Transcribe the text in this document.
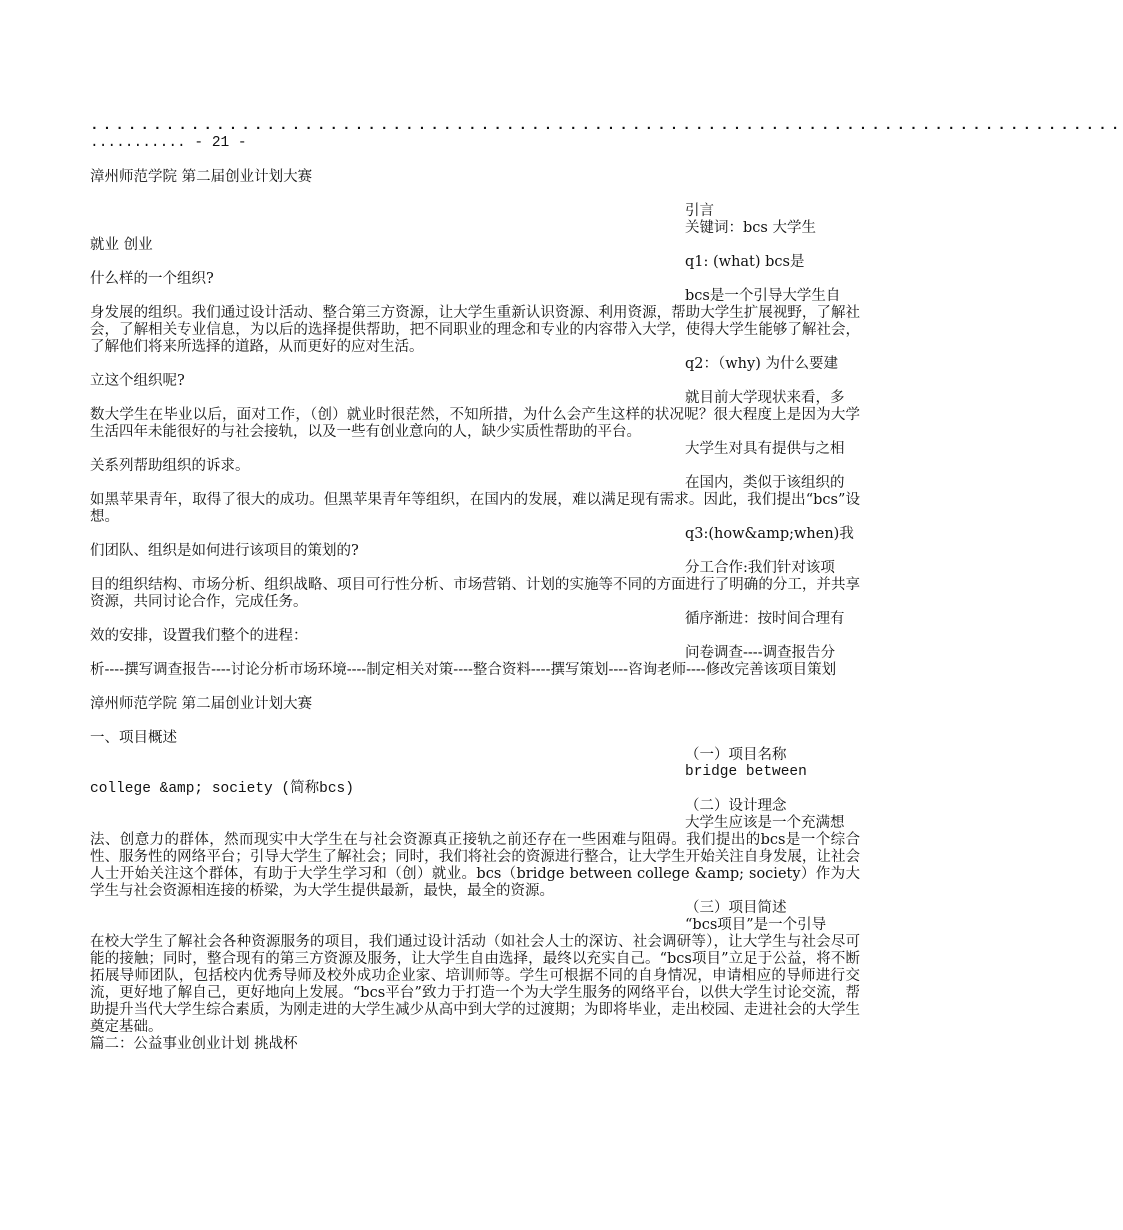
..................................................................................
........... - 21 -
漳州师范学院 第二届创业计划大赛
引言
关键词：bcs 大学生
就业 创业
q1: (what) bcs是
什么样的一个组织?
bcs是一个引导大学生自
身发展的组织。我们通过设计活动、整合第三方资源，让大学生重新认识资源、利用资源，帮助大学生扩展视野，了解社会，了解相关专业信息，为以后的选择提供帮助，把不同职业的理念和专业的内容带入大学，使得大学生能够了解社会，了解他们将来所选择的道路，从而更好的应对生活。
q2：（why) 为什么要建
立这个组织呢?
就目前大学现状来看，多
数大学生在毕业以后，面对工作，（创）就业时很茫然，不知所措，为什么会产生这样的状况呢？很大程度上是因为大学生活四年未能很好的与社会接轨，以及一些有创业意向的人，缺少实质性帮助的平台。
大学生对具有提供与之相
关系列帮助组织的诉求。
在国内，类似于该组织的
如黑苹果青年，取得了很大的成功。但黑苹果青年等组织，在国内的发展，难以满足现有需求。因此，我们提出“bcs”设想。
q3:(how&amp;when)我
们团队、组织是如何进行该项目的策划的?
分工合作:我们针对该项
目的组织结构、市场分析、组织战略、项目可行性分析、市场营销、计划的实施等不同的方面进行了明确的分工，并共享资源，共同讨论合作，完成任务。
循序渐进：按时间合理有
效的安排，设置我们整个的进程：
问卷调查----调查报告分
析----撰写调查报告----讨论分析市场环境----制定相关对策----整合资料----撰写策划----咨询老师----修改完善该项目策划
漳州师范学院 第二届创业计划大赛
一、项目概述
（一）项目名称
bridge between
college &amp; society (简称bcs)
（二）设计理念
大学生应该是一个充满想
法、创意力的群体，然而现实中大学生在与社会资源真正接轨之前还存在一些困难与阻碍。我们提出的bcs是一个综合性、服务性的网络平台；引导大学生了解社会；同时，我们将社会的资源进行整合，让大学生开始关注自身发展，让社会人士开始关注这个群体，有助于大学生学习和（创）就业。bcs（bridge between college &amp; society）作为大学生与社会资源相连接的桥梁，为大学生提供最新，最快，最全的资源。
（三）项目简述
“bcs项目”是一个引导
在校大学生了解社会各种资源服务的项目，我们通过设计活动（如社会人士的深访、社会调研等），让大学生与社会尽可能的接触；同时，整合现有的第三方资源及服务，让大学生自由选择，最终以充实自己。“bcs项目”立足于公益，将不断拓展导师团队，包括校内优秀导师及校外成功企业家、培训师等。学生可根据不同的自身情况，申请相应的导师进行交流，更好地了解自己，更好地向上发展。“bcs平台”致力于打造一个为大学生服务的网络平台，以供大学生讨论交流，帮助提升当代大学生综合素质，为刚走进的大学生减少从高中到大学的过渡期；为即将毕业，走出校园、走进社会的大学生奠定基础。
篇二：公益事业创业计划 挑战杯
